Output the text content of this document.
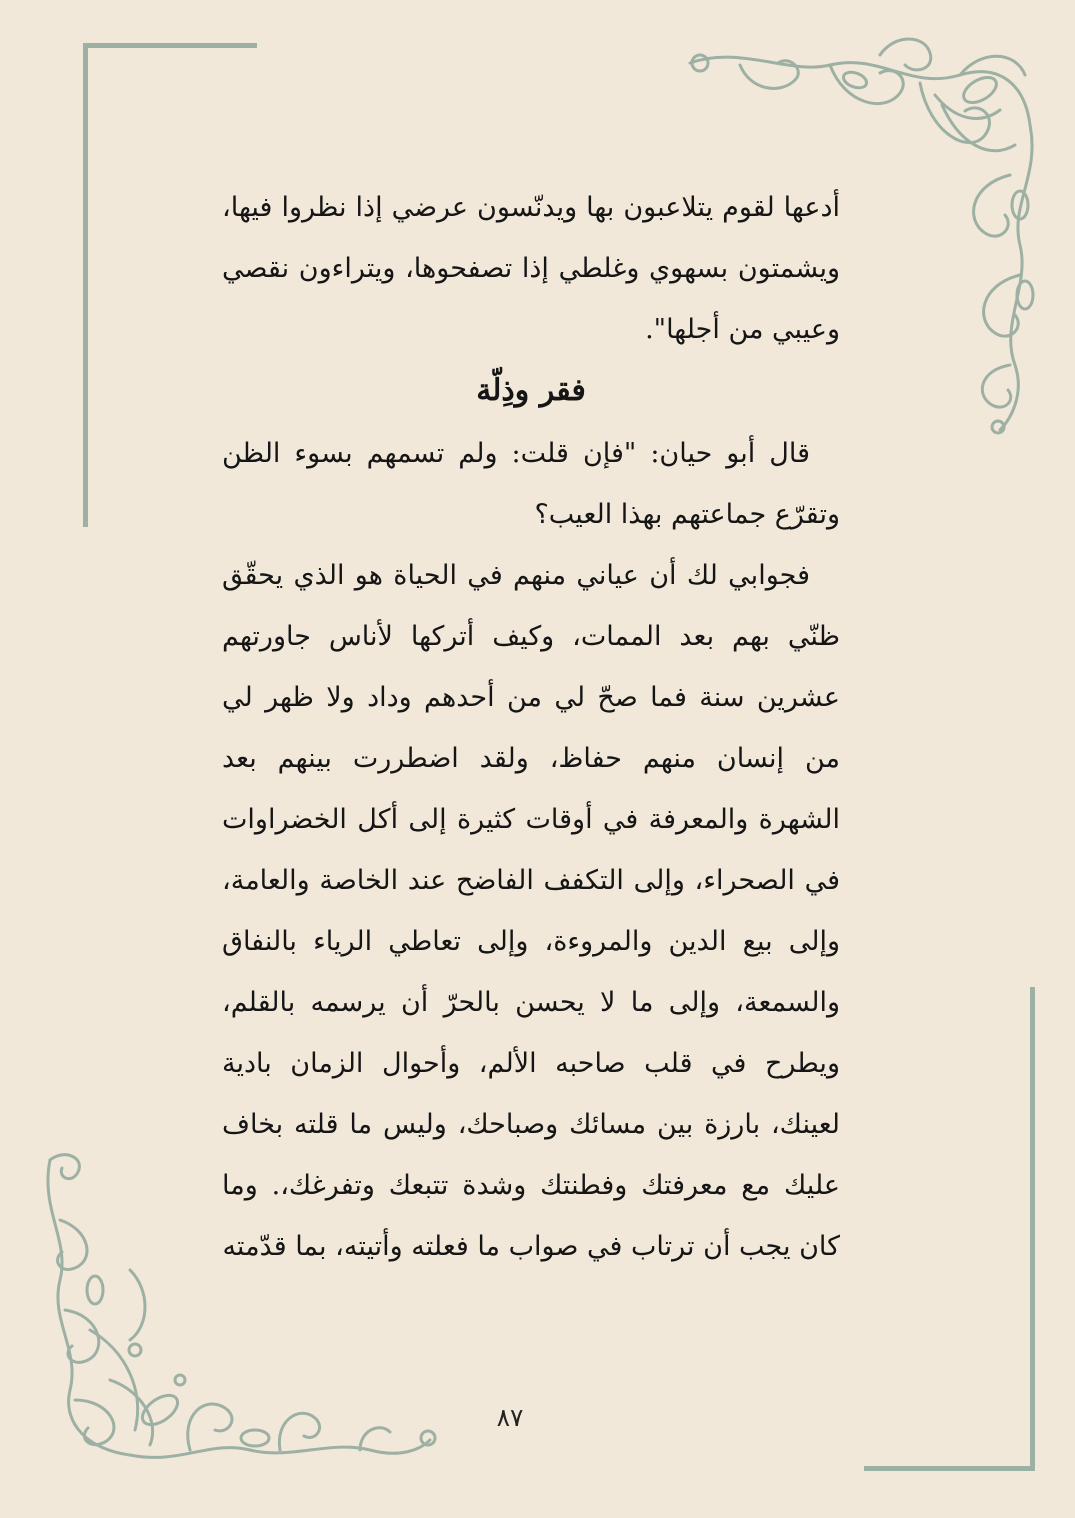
أدعها لقوم يتلاعبون بها ويدنّسون عرضي إذا نظروا فيها، ويشمتون بسهوي وغلطي إذا تصفحوها، ويتراءون نقصي وعيبي من أجلها".

فقر وذِلّة

قال أبو حيان: "فإن قلت: ولم تسمهم بسوء الظن وتقرّع جماعتهم بهذا العيب؟

فجوابي لك أن عياني منهم في الحياة هو الذي يحقّق ظنّي بهم بعد الممات، وكيف أتركها لأناس جاورتهم عشرين سنة فما صحّ لي من أحدهم وداد ولا ظهر لي من إنسان منهم حفاظ، ولقد اضطررت بينهم بعد الشهرة والمعرفة في أوقات كثيرة إلى أكل الخضراوات في الصحراء، وإلى التكفف الفاضح عند الخاصة والعامة، وإلى بيع الدين والمروءة، وإلى تعاطي الرياء بالنفاق والسمعة، وإلى ما لا يحسن بالحرّ أن يرسمه بالقلم، ويطرح في قلب صاحبه الألم، وأحوال الزمان بادية لعينك، بارزة بين مسائك وصباحك، وليس ما قلته بخاف عليك مع معرفتك وفطنتك وشدة تتبعك وتفرغك،. وما كان يجب أن ترتاب في صواب ما فعلته وأتيته، بما قدّمته

٨٧
